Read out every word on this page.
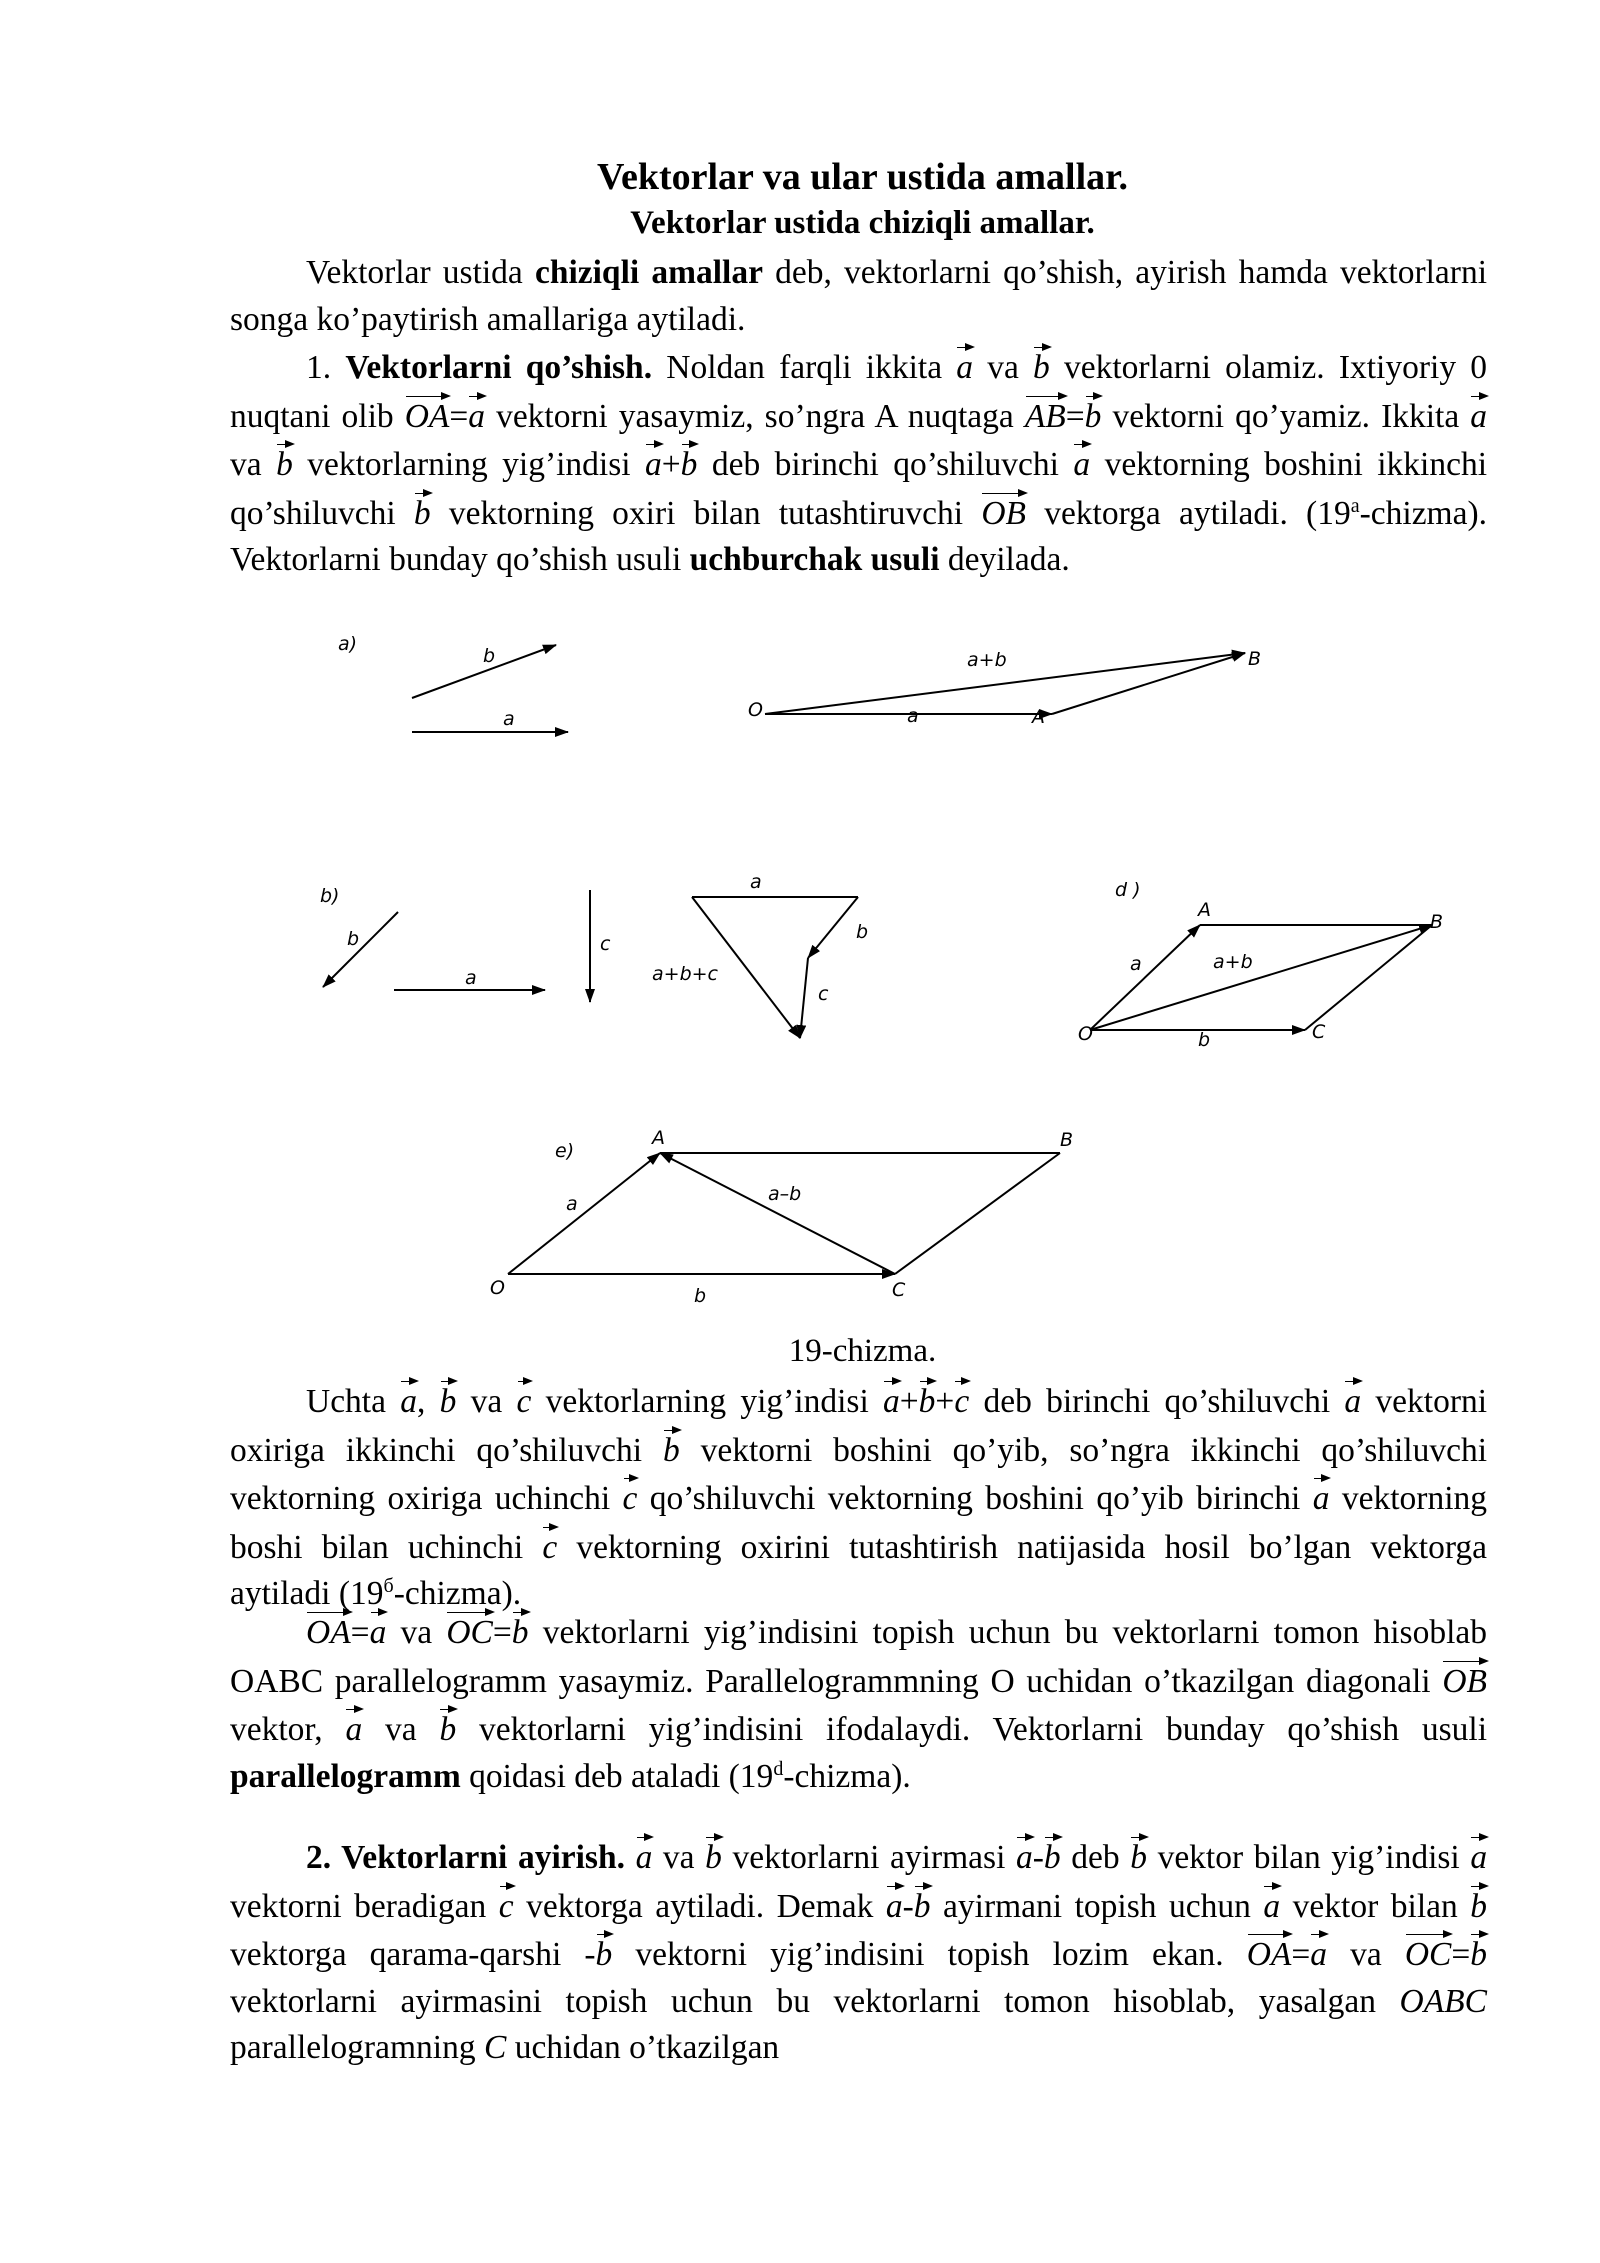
Vektorlar va ular ustida amallar.
Vektorlar ustida chiziqli amallar.

Vektorlar ustida chiziqli amallar deb, vektorlarni qo’shish, ayirish hamda vektorlarni songa ko’paytirish amallariga aytiladi.

1. Vektorlarni qo’shish. Noldan farqli ikkita a va b vektorlarni olamiz. Ixtiyoriy 0 nuqtani olib OA=a vektorni yasaymiz, so’ngra A nuqtaga AB=b vektorni qo’yamiz. Ikkita a va b vektorlarning yig’indisi a+b deb birinchi qo’shiluvchi a vektorning boshini ikkinchi qo’shiluvchi b vektorning oxiri bilan tutashtiruvchi OB vektorga aytiladi. (19$^a$-chizma). Vektorlarni bunday qo’shish usuli uchburchak usuli deyilada.

a)
b
a	O	a	A
B
a+b
b)
b
a
c
a
b
c
a+b+c
d )
O
A
B
C
a
b
a+b
e)
O
A	B
C
a
b
a–b
19-chizma.

Uchta a, b va c vektorlarning yig’indisi a+b+c deb birinchi qo’shiluvchi a vektorni oxiriga ikkinchi qo’shiluvchi b vektorni boshini qo’yib, so’ngra ikkinchi qo’shiluvchi vektorning oxiriga uchinchi c qo’shiluvchi vektorning boshini qo’yib birinchi a vektorning boshi bilan uchinchi c vektorning oxirini tutashtirish natijasida hosil bo’lgan vektorga aytiladi $(19^б-chizma)$.

OA=a va OC=b vektorlarni yig’indisini topish uchun bu vektorlarni tomon hisoblab OABC parallelogramm yasaymiz. Parallelogrammning O uchidan o’tkazilgan diagonali OB vektor, a va b vektorlarni yig’indisini ifodalaydi. Vektorlarni bunday qo’shish usuli parallelogramm qoidasi deb ataladi (19$^d$-chizma).

2. Vektorlarni ayirish. a va b vektorlarni ayirmasi a-b deb b vektor bilan yig’indisi a vektorni beradigan c vektorga aytiladi. Demak a-b ayirmani topish uchun a vektor bilan b vektorga qarama-qarshi -b vektorni yig’indisini topish lozim ekan. OA=a va OC=b vektorlarni ayirmasini topish uchun bu vektorlarni tomon hisoblab, yasalgan OABC parallelogramning C uchidan o’tkazilgan
